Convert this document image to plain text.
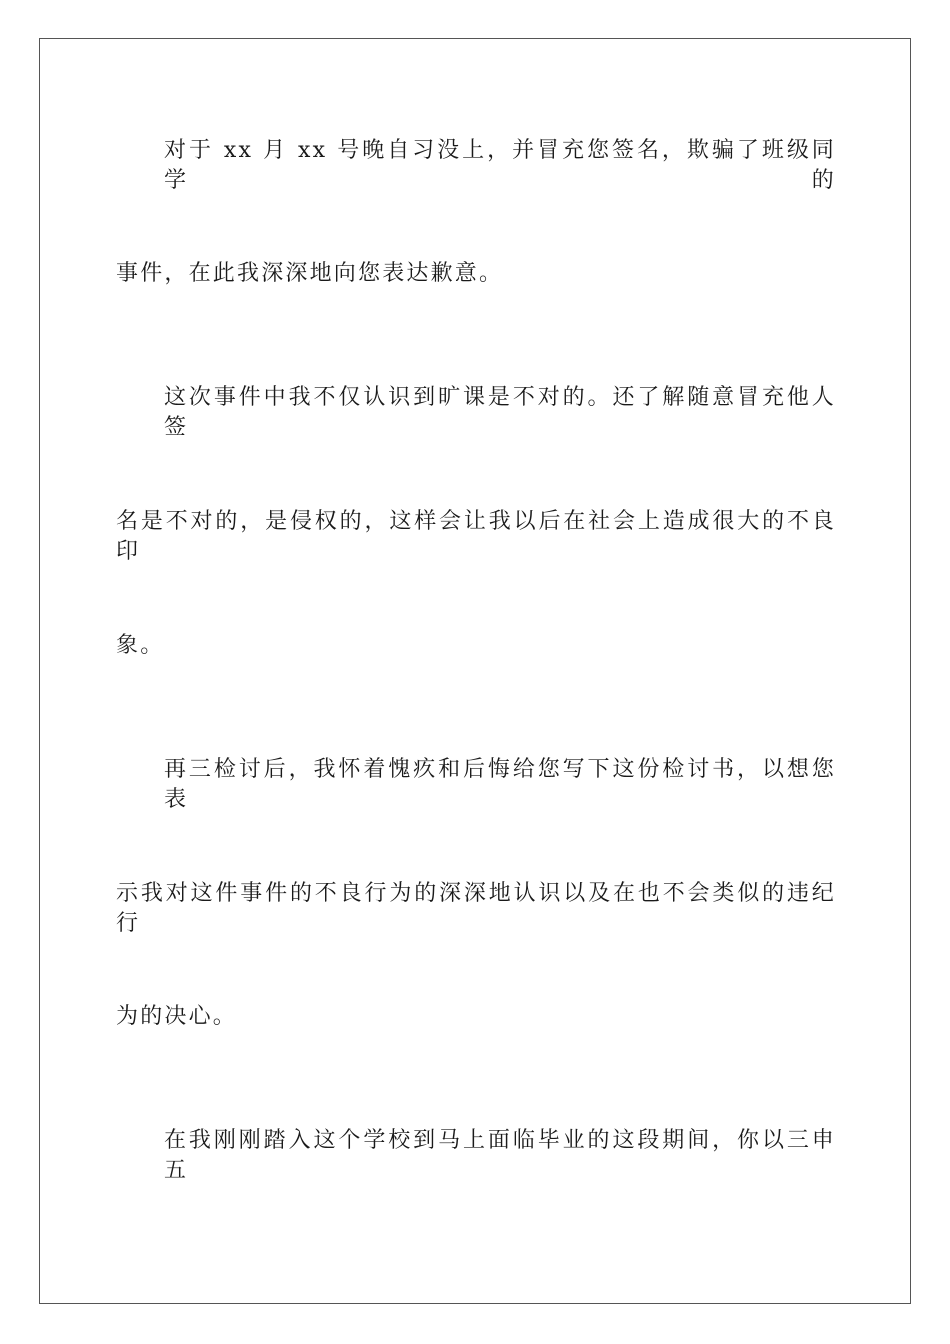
对于 xx 月 xx 号晚自习没上，并冒充您签名，欺骗了班级同学的
事件，在此我深深地向您表达歉意。
这次事件中我不仅认识到旷课是不对的。还了解随意冒充他人签
名是不对的，是侵权的，这样会让我以后在社会上造成很大的不良印
象。
再三检讨后，我怀着愧疚和后悔给您写下这份检讨书，以想您表
示我对这件事件的不良行为的深深地认识以及在也不会类似的违纪行
为的决心。
在我刚刚踏入这个学校到马上面临毕业的这段期间，你以三申五
